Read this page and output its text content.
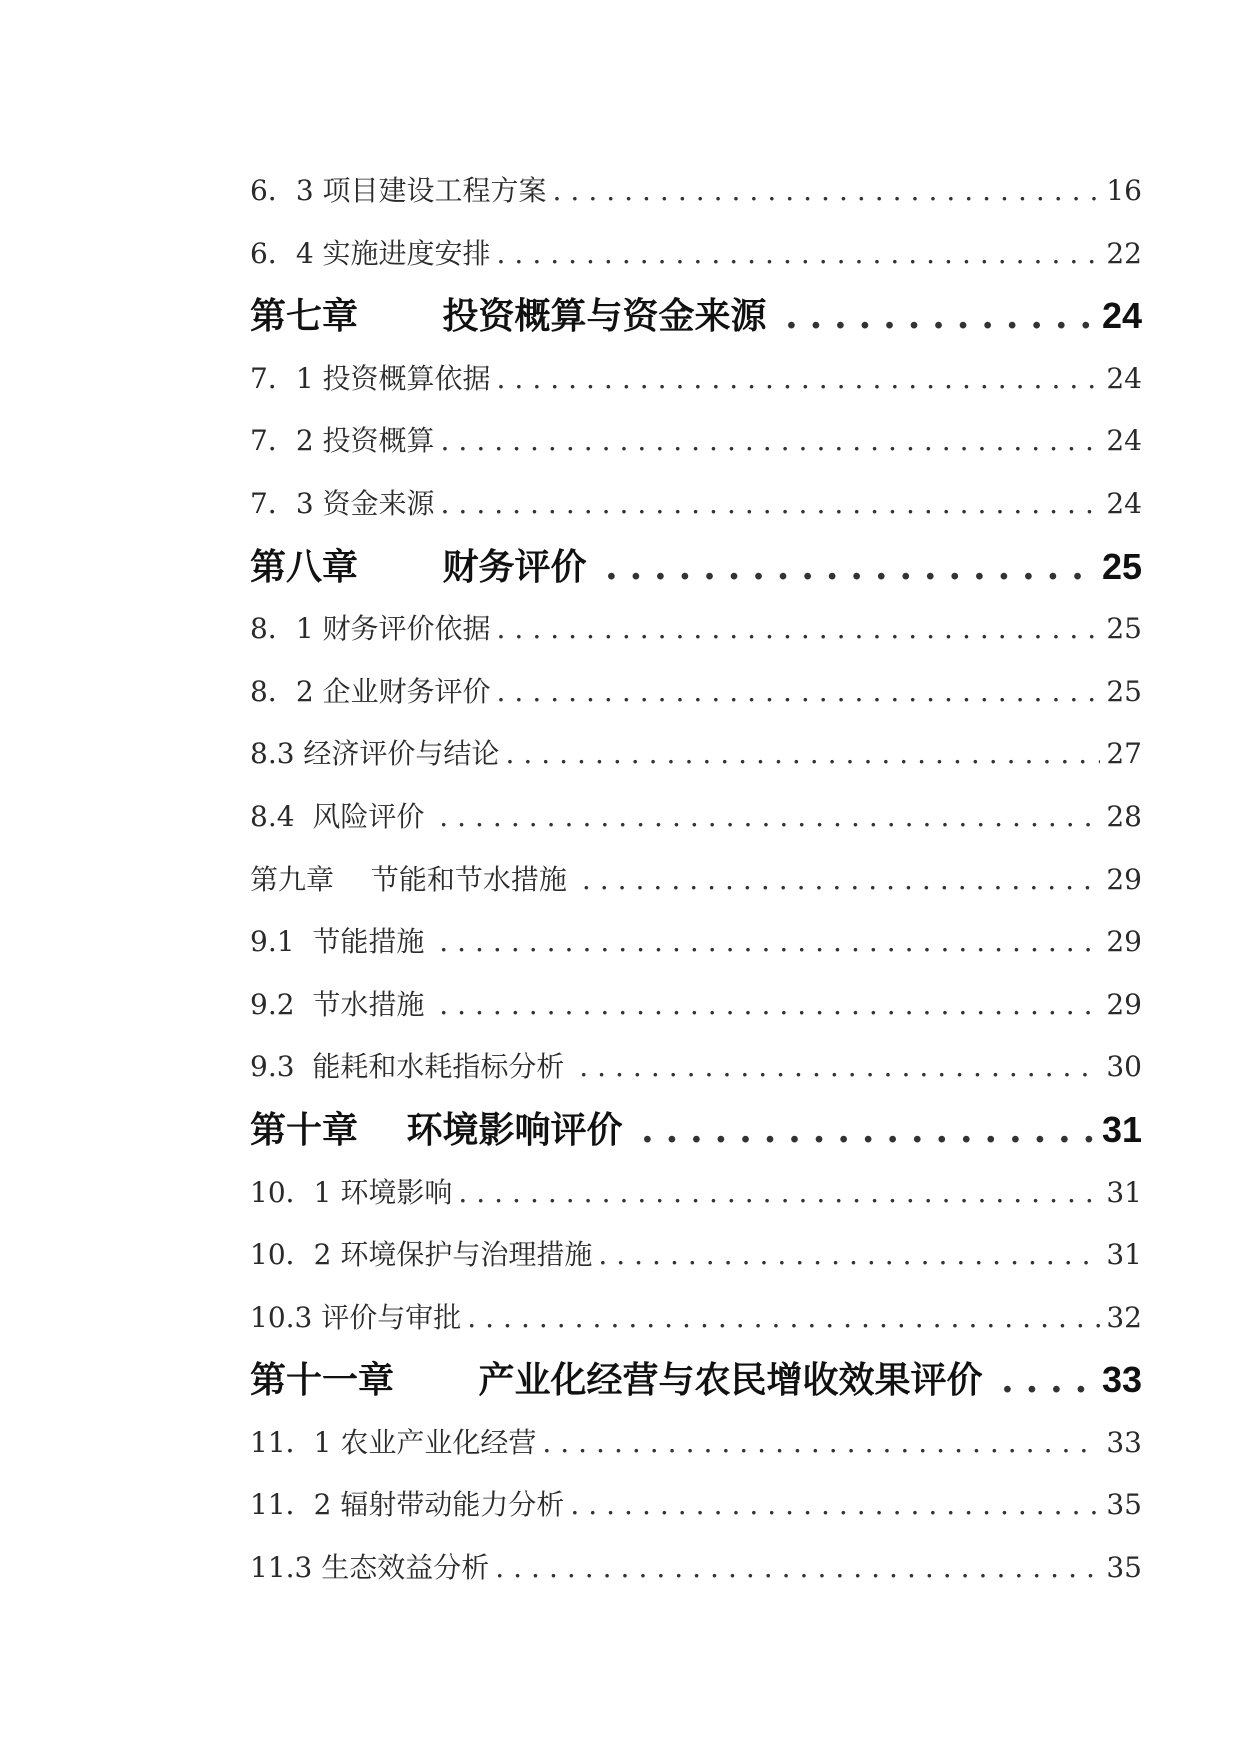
6．3 项目建设工程方案 .....	16
6．4 实施进度安排 .....	22
第七章　　 投资概算与资金来源 .....	24
7．1 投资概算依据 .....	24
7．2 投资概算 .....	24
7．3 资金来源 .....	24
第八章　　 财务评价 .....	25
8．1 财务评价依据 .....	25
8．2 企业财务评价 .....	25
8.3 经济评价与结论 .....	27
8.4  风险评价 .....	28
第九章　 节能和节水措施 .....	29
9.1  节能措施 .....	29
9.2  节水措施 .....	29
9.3  能耗和水耗指标分析 .....	30
第十章　 环境影响评价 .....	31
10．1 环境影响 .....	31
10．2 环境保护与治理措施 .....	31
10.3 评价与审批 .....	32
第十一章　　 产业化经营与农民增收效果评价 .....	33
11．1 农业产业化经营 .....	33
11．2 辐射带动能力分析 .....	35
11.3 生态效益分析 .....	35
